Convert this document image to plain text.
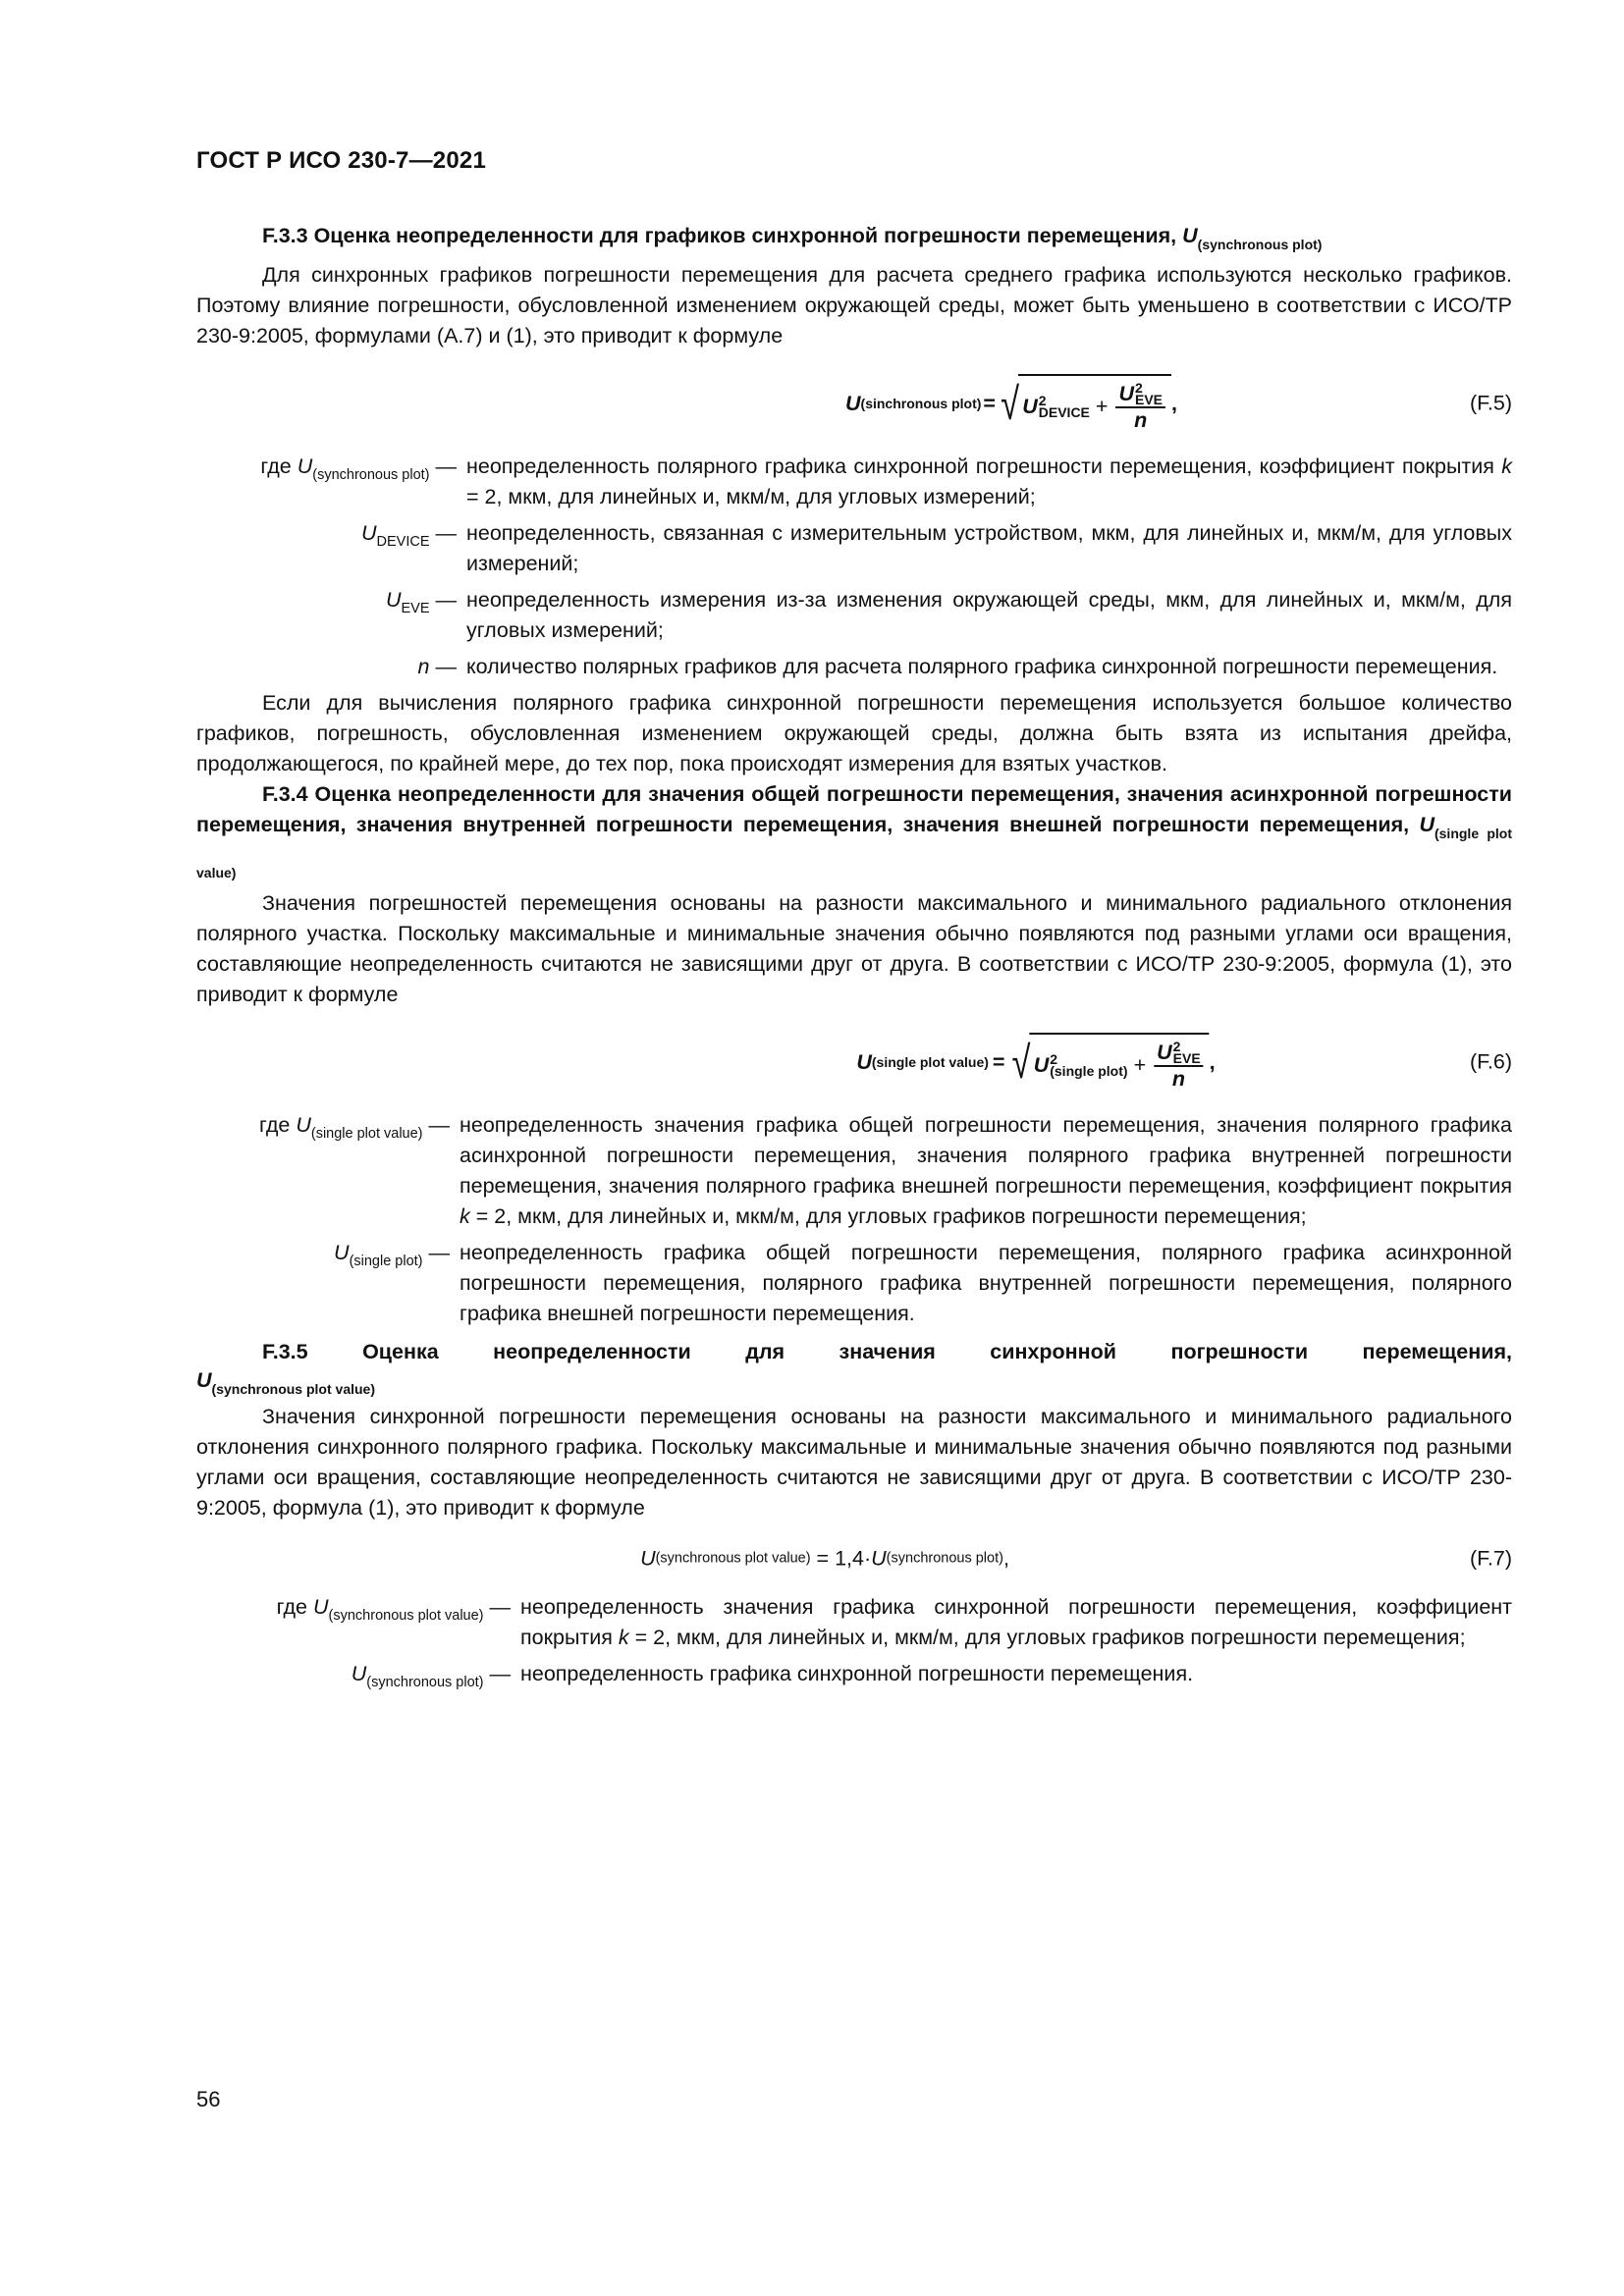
ГОСТ Р ИСО 230-7—2021

F.3.3 Оценка неопределенности для графиков синхронной погрешности перемещения, $U_{(synchronous plot)}$

Для синхронных графиков погрешности перемещения для расчета среднего графика используются несколько графиков. Поэтому влияние погрешности, обусловленной изменением окружающей среды, может быть уменьшено в соответствии с ИСО/ТР 230-9:2005, формулами (А.7) и (1), это приводит к формуле

U (sinchronous plot) = √ U 2
DEVICE + U 2
EVE
n ,	(F.5)
где $U_{(synchronous plot)}$ — неопределенность полярного графика синхронной погрешности перемещения, коэффициент покрытия k = 2, мкм, для линейных и, мкм/м, для угловых измерений;
$U_{DEVICE}$ — неопределенность, связанная с измерительным устройством, мкм, для линейных и, мкм/м, для угловых измерений;
$U_{EVE}$ — неопределенность измерения из-за изменения окружающей среды, мкм, для линейных и, мкм/м, для угловых измерений;
n — количество полярных графиков для расчета полярного графика синхронной погрешности перемещения.

Если для вычисления полярного графика синхронной погрешности перемещения используется большое количество графиков, погрешность, обусловленная изменением окружающей среды, должна быть взята из испытания дрейфа, продолжающегося, по крайней мере, до тех пор, пока происходят измерения для взятых участков.

F.3.4 Оценка неопределенности для значения общей погрешности перемещения, значения асинхронной погрешности перемещения, значения внутренней погрешности перемещения, значения внешней погрешности перемещения, $U_{(single plot value)}$

Значения погрешностей перемещения основаны на разности максимального и минимального радиального отклонения полярного участка. Поскольку максимальные и минимальные значения обычно появляются под разными углами оси вращения, составляющие неопределенность считаются не зависящими друг от друга. В соответствии с ИСО/ТР 230-9:2005, формула (1), это приводит к формуле

U (single plot value) = √ U 2
(single plot) + U 2
EVE
n ,	(F.6)
где $U_{(single plot value)}$ — неопределенность значения графика общей погрешности перемещения, значения полярного графика асинхронной погрешности перемещения, значения полярного графика внутренней погрешности перемещения, значения полярного графика внешней погрешности перемещения, коэффициент покрытия k = 2, мкм, для линейных и, мкм/м, для угловых графиков погрешности перемещения;
$U_{(single plot)}$ — неопределенность графика общей погрешности перемещения, полярного графика асинхронной погрешности перемещения, полярного графика внутренней погрешности перемещения, полярного графика внешней погрешности перемещения.

F.3.5 Оценка неопределенности для значения синхронной погрешности перемещения,

$U_{(synchronous plot value)}$

Значения синхронной погрешности перемещения основаны на разности максимального и минимального радиального отклонения синхронного полярного графика. Поскольку максимальные и минимальные значения обычно появляются под разными углами оси вращения, составляющие неопределенность считаются не зависящими друг от друга. В соответствии с ИСО/ТР 230-9:2005, формула (1), это приводит к формуле

U (synchronous plot value) = 1,4· U (synchronous plot) ,	(F.7)
где $U_{(synchronous plot value)}$ — неопределенность значения графика синхронной погрешности перемещения, коэффициент покрытия k = 2, мкм, для линейных и, мкм/м, для угловых графиков погрешности перемещения;
$U_{(synchronous plot)}$ — неопределенность графика синхронной погрешности перемещения.
56
